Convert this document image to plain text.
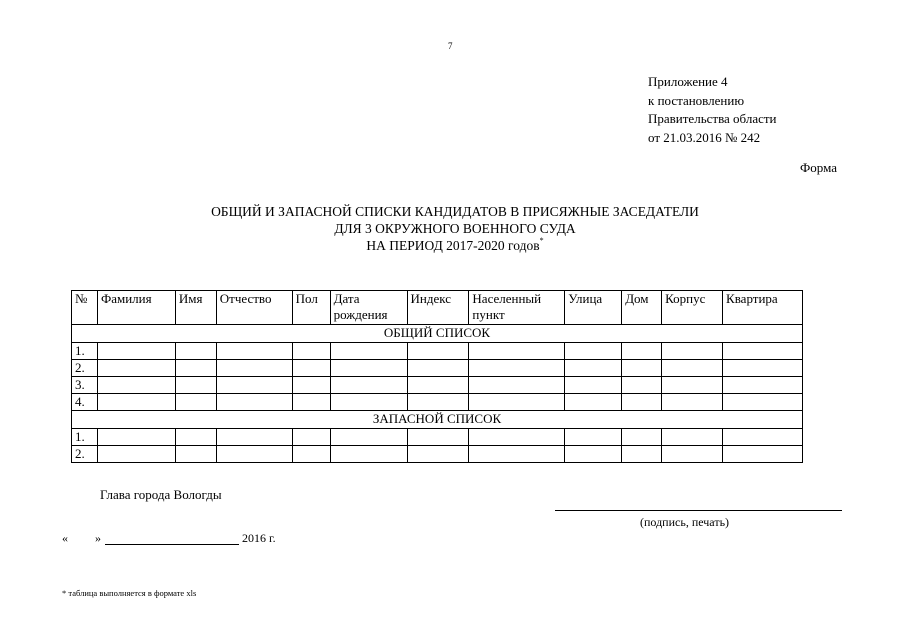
7
Приложение 4
к постановлению
Правительства области
от 21.03.2016 № 242
Форма
ОБЩИЙ И ЗАПАСНОЙ СПИСКИ КАНДИДАТОВ В ПРИСЯЖНЫЕ ЗАСЕДАТЕЛИ
ДЛЯ 3 ОКРУЖНОГО ВОЕННОГО СУДА
НА ПЕРИОД 2017-2020 годов*
№	Фамилия	Имя	Отчество	Пол	Дата рождения	Индекс	Населенный пункт	Улица	Дом	Корпус	Квартира
ОБЩИЙ СПИСОК											
1.											
2.											
3.											
4.											
ЗАПАСНОЙ СПИСОК											
1.											
2.											
Глава города Вологды
(подпись, печать)
« »	2016 г.
* таблица выполняется в формате xls
